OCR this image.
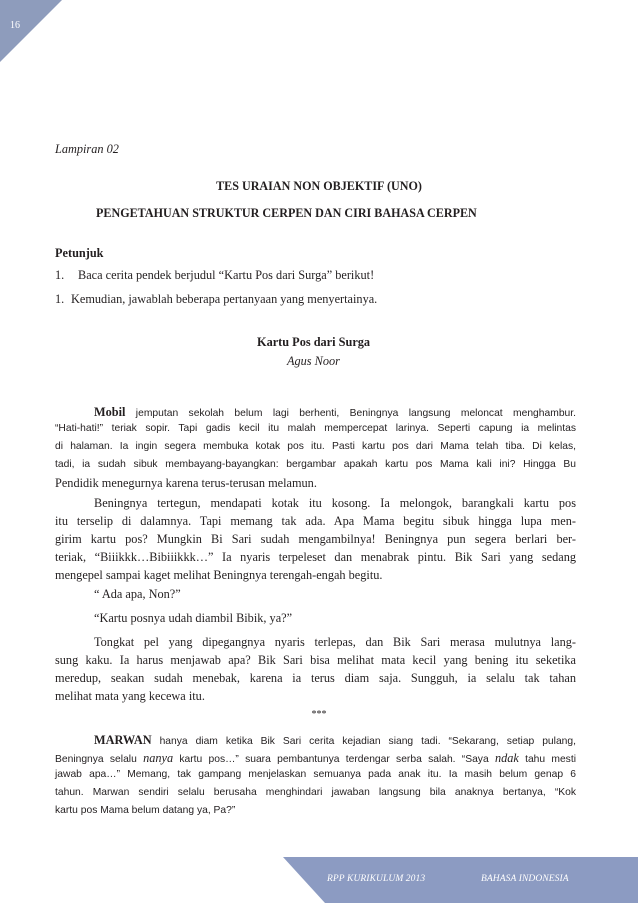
16
Lampiran 02
TES URAIAN NON OBJEKTIF (UNO)
PENGETAHUAN STRUKTUR CERPEN DAN CIRI BAHASA CERPEN
Petunjuk
1. Baca cerita pendek berjudul “Kartu Pos dari Surga” berikut!
1. Kemudian, jawablah beberapa pertanyaan yang menyertainya.
Kartu Pos dari Surga
Agus Noor
Mobil jemputan sekolah belum lagi berhenti, Beningnya langsung meloncat menghambur.
“Hati-hati!” teriak sopir. Tapi gadis kecil itu malah mempercepat larinya. Seperti capung ia melintas
di halaman. Ia ingin segera membuka kotak pos itu. Pasti kartu pos dari Mama telah tiba. Di kelas,
tadi, ia sudah sibuk membayang-bayangkan: bergambar apakah kartu pos Mama kali ini? Hingga Bu
Pendidik menegurnya karena terus-terusan melamun.
Beningnya tertegun, mendapati kotak itu kosong. Ia melongok, barangkali kartu pos
itu terselip di dalamnya. Tapi memang tak ada. Apa Mama begitu sibuk hingga lupa men-
girim kartu pos? Mungkin Bi Sari sudah mengambilnya! Beningnya pun segera berlari ber-
teriak, “Biiikkk…Bibiiikkk…” Ia nyaris terpeleset dan menabrak pintu. Bik Sari yang sedang
mengepel sampai kaget melihat Beningnya terengah-engah begitu.
“ Ada apa, Non?”
“Kartu posnya udah diambil Bibik, ya?”
Tongkat pel yang dipegangnya nyaris terlepas, dan Bik Sari merasa mulutnya lang-
sung kaku. Ia harus menjawab apa? Bik Sari bisa melihat mata kecil yang bening itu seketika
meredup, seakan sudah menebak, karena ia terus diam saja. Sungguh, ia selalu tak tahan
melihat mata yang kecewa itu.
***
MARWAN hanya diam ketika Bik Sari cerita kejadian siang tadi. “Sekarang, setiap pulang,
Beningnya selalu nanya kartu pos…” suara pembantunya terdengar serba salah. “Saya ndak tahu mesti
jawab apa…” Memang, tak gampang menjelaskan semuanya pada anak itu. Ia masih belum genap 6
tahun. Marwan sendiri selalu berusaha menghindari jawaban langsung bila anaknya bertanya, “Kok
kartu pos Mama belum datang ya, Pa?”
RPP KURIKULUM 2013	BAHASA INDONESIA
